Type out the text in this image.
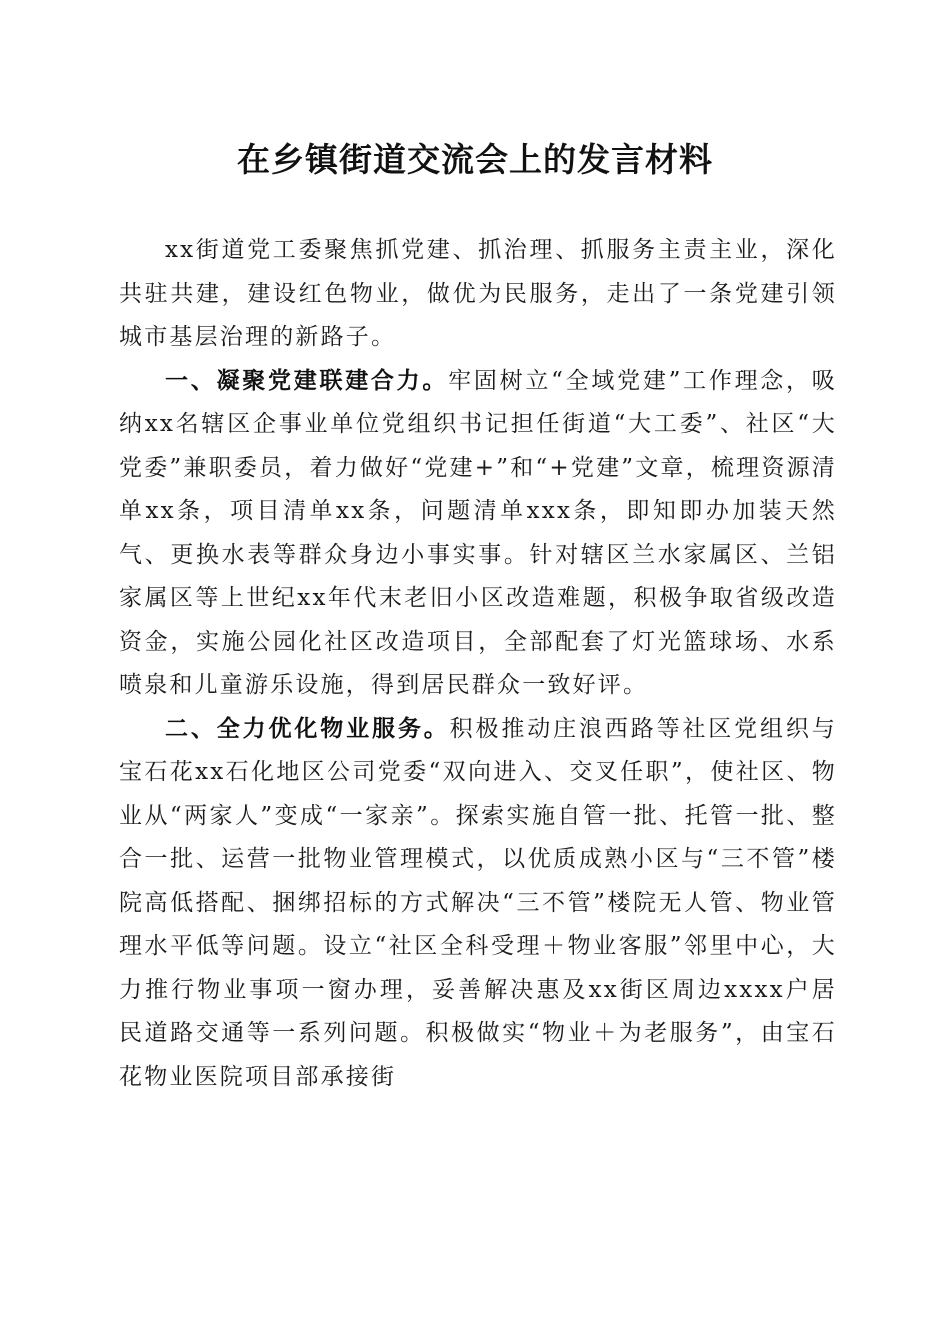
在乡镇街道交流会上的发言材料

xx街道党工委聚焦抓党建、抓治理、抓服务主责主业，深化共驻共建，建设红色物业，做优为民服务，走出了一条党建引领城市基层治理的新路子。

一、凝聚党建联建合力。牢固树立“全域党建”工作理念，吸纳xx名辖区企事业单位党组织书记担任街道“大工委”、社区“大党委”兼职委员，着力做好“党建+”和“+党建”文章，梳理资源清单xx条，项目清单xx条，问题清单xxx条，即知即办加装天然气、更换水表等群众身边小事实事。针对辖区兰水家属区、兰铝家属区等上世纪xx年代末老旧小区改造难题，积极争取省级改造资金，实施公园化社区改造项目，全部配套了灯光篮球场、水系喷泉和儿童游乐设施，得到居民群众一致好评。

二、全力优化物业服务。积极推动庄浪西路等社区党组织与宝石花xx石化地区公司党委“双向进入、交叉任职”，使社区、物业从“两家人”变成“一家亲”。探索实施自管一批、托管一批、整合一批、运营一批物业管理模式，以优质成熟小区与“三不管”楼院高低搭配、捆绑招标的方式解决“三不管”楼院无人管、物业管理水平低等问题。设立“社区全科受理＋物业客服”邻里中心，大力推行物业事项一窗办理，妥善解决惠及xx街区周边xxxx户居民道路交通等一系列问题。积极做实“物业＋为老服务”，由宝石花物业医院项目部承接街
